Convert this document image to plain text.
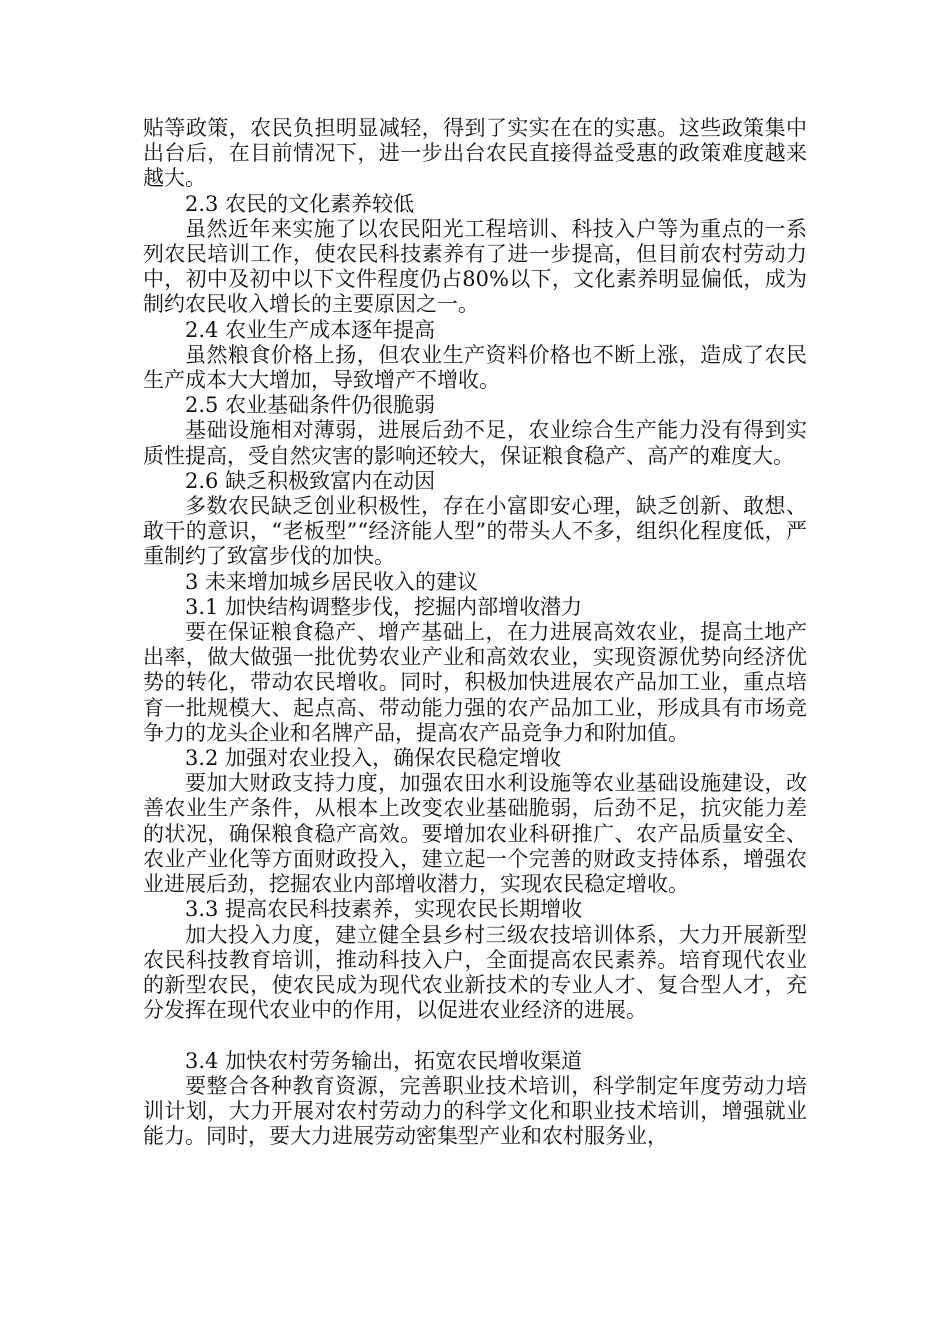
贴等政策，农民负担明显减轻，得到了实实在在的实惠。这些政策集中出台后，在目前情况下，进一步出台农民直接得益受惠的政策难度越来越大。

2.3 农民的文化素养较低

虽然近年来实施了以农民阳光工程培训、科技入户等为重点的一系列农民培训工作，使农民科技素养有了进一步提高，但目前农村劳动力中，初中及初中以下文件程度仍占80%以下，文化素养明显偏低，成为制约农民收入增长的主要原因之一。

2.4 农业生产成本逐年提高

虽然粮食价格上扬，但农业生产资料价格也不断上涨，造成了农民生产成本大大增加，导致增产不增收。

2.5 农业基础条件仍很脆弱

基础设施相对薄弱，进展后劲不足，农业综合生产能力没有得到实质性提高，受自然灾害的影响还较大，保证粮食稳产、高产的难度大。

2.6 缺乏积极致富内在动因

多数农民缺乏创业积极性，存在小富即安心理，缺乏创新、敢想、敢干的意识，“老板型”“经济能人型”的带头人不多，组织化程度低，严重制约了致富步伐的加快。

3 未来增加城乡居民收入的建议

3.1 加快结构调整步伐，挖掘内部增收潜力

要在保证粮食稳产、增产基础上，在力进展高效农业，提高土地产出率，做大做强一批优势农业产业和高效农业，实现资源优势向经济优势的转化，带动农民增收。同时，积极加快进展农产品加工业，重点培育一批规模大、起点高、带动能力强的农产品加工业，形成具有市场竞争力的龙头企业和名牌产品，提高农产品竞争力和附加值。

3.2 加强对农业投入，确保农民稳定增收

要加大财政支持力度，加强农田水利设施等农业基础设施建设，改善农业生产条件，从根本上改变农业基础脆弱，后劲不足，抗灾能力差的状况，确保粮食稳产高效。要增加农业科研推广、农产品质量安全、农业产业化等方面财政投入，建立起一个完善的财政支持体系，增强农业进展后劲，挖掘农业内部增收潜力，实现农民稳定增收。

3.3 提高农民科技素养，实现农民长期增收

加大投入力度，建立健全县乡村三级农技培训体系，大力开展新型农民科技教育培训，推动科技入户，全面提高农民素养。培育现代农业的新型农民，使农民成为现代农业新技术的专业人才、复合型人才，充分发挥在现代农业中的作用，以促进农业经济的进展。

3.4 加快农村劳务输出，拓宽农民增收渠道

要整合各种教育资源，完善职业技术培训，科学制定年度劳动力培训计划，大力开展对农村劳动力的科学文化和职业技术培训，增强就业能力。同时，要大力进展劳动密集型产业和农村服务业，
